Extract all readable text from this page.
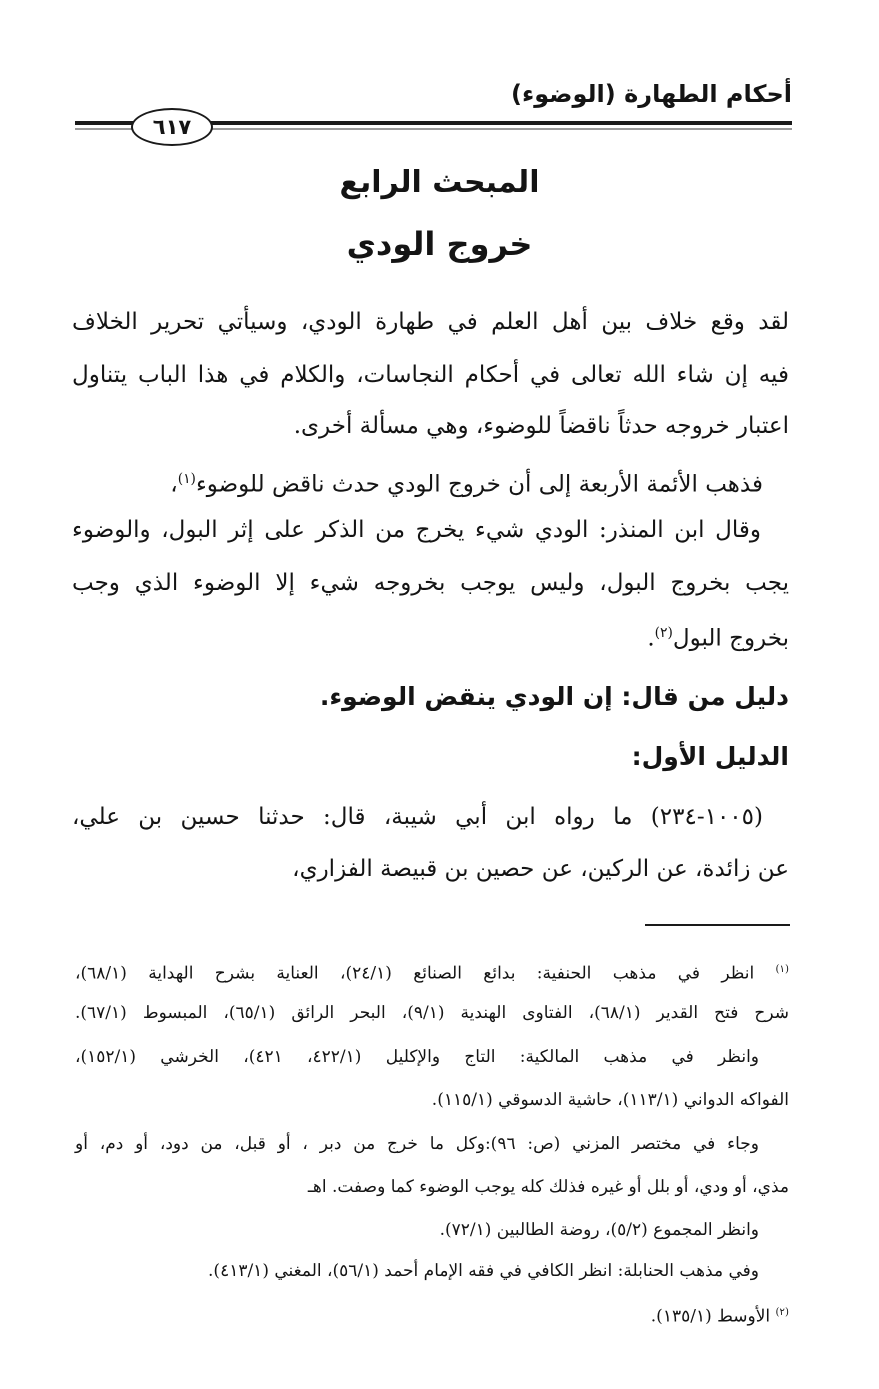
أحكام الطهارة (الوضوء)
٦١٧
المبحث الرابع
خروج الودي
لقد وقع خلاف بين أهل العلم في طهارة الودي، وسيأتي تحرير الخلاف
فيه إن شاء الله تعالى في أحكام النجاسات، والكلام في هذا الباب يتناول
اعتبار خروجه حدثاً ناقضاً للوضوء، وهي مسألة أخرى.
فذهب الأئمة الأربعة إلى أن خروج الودي حدث ناقض للوضوء$^{(١)}$،
وقال ابن المنذر: الودي شيء يخرج من الذكر على إثر البول، والوضوء
يجب بخروج البول، وليس يوجب بخروجه شيء إلا الوضوء الذي وجب
بخروج البول$^{(٢)}$.
دليل من قال: إن الودي ينقض الوضوء.
الدليل الأول:
(١٠٠٥-٢٣٤) ما رواه ابن أبي شيبة، قال: حدثنا حسين بن علي،
عن زائدة، عن الركين، عن حصين بن قبيصة الفزاري،
$^{(١)}$ انظر في مذهب الحنفية: بدائع الصنائع (٢٤/١)، العناية بشرح الهداية (٦٨/١)،
شرح فتح القدير (٦٨/١)، الفتاوى الهندية (٩/١)، البحر الرائق (٦٥/١)، المبسوط (٦٧/١).
وانظر في مذهب المالكية: التاج والإكليل (٤٢٢/١، ٤٢١)، الخرشي (١٥٢/١)،
الفواكه الدواني (١١٣/١)، حاشية الدسوقي (١١٥/١).
وجاء في مختصر المزني (ص: ٩٦):وكل ما خرج من دبر ، أو قبل، من دود، أو دم، أو
مذي، أو ودي، أو بلل أو غيره فذلك كله يوجب الوضوء كما وصفت. اهـ
وانظر المجموع (٥/٢)، روضة الطالبين (٧٢/١).
وفي مذهب الحنابلة: انظر الكافي في فقه الإمام أحمد (٥٦/١)، المغني (٤١٣/١).
$^{(٢)}$ الأوسط (١٣٥/١).
